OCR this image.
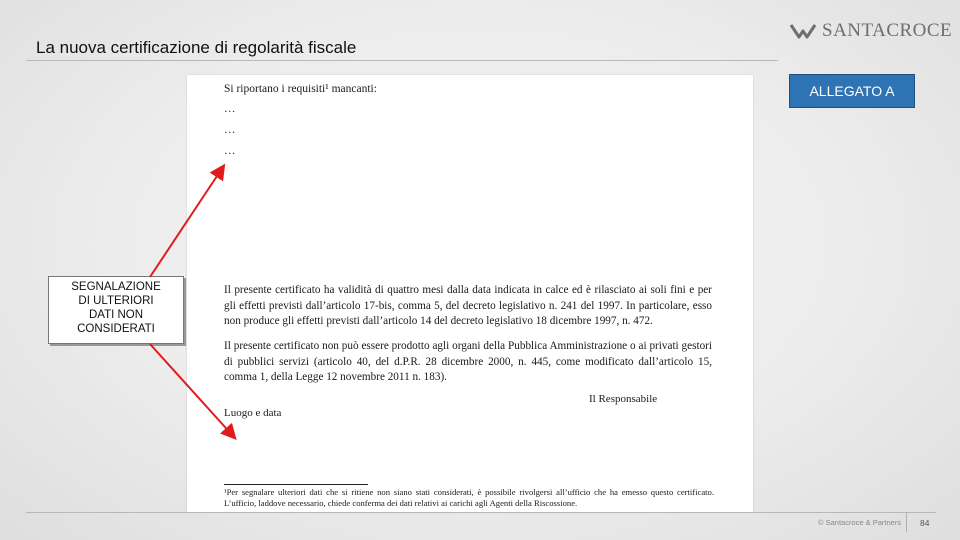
La nuova certificazione di regolarità fiscale
SANTACROCE
Si riportano i requisiti¹ mancanti:
…
…
…
Il presente certificato ha validità di quattro mesi dalla data indicata in calce ed è rilasciato ai soli fini e per gli effetti previsti dall’articolo 17-bis, comma 5, del decreto legislativo n. 241 del 1997. In particolare, esso non produce gli effetti previsti dall’articolo 14 del decreto legislativo 18 dicembre 1997, n. 472.
Il presente certificato non può essere prodotto agli organi della Pubblica Amministrazione o ai privati gestori di pubblici servizi (articolo 40, del d.P.R. 28 dicembre 2000, n. 445, come modificato dall’articolo 15, comma 1, della Legge 12 novembre 2011 n. 183).
Il Responsabile
Luogo e data
¹Per segnalare ulteriori dati che si ritiene non siano stati considerati, è possibile rivolgersi all’ufficio che ha emesso questo certificato. L’ufficio, laddove necessario, chiede conferma dei dati relativi ai carichi agli Agenti della Riscossione.
ALLEGATO A
SEGNALAZIONE
DI ULTERIORI
DATI NON
CONSIDERATI
© Santacroce & Partners 84
